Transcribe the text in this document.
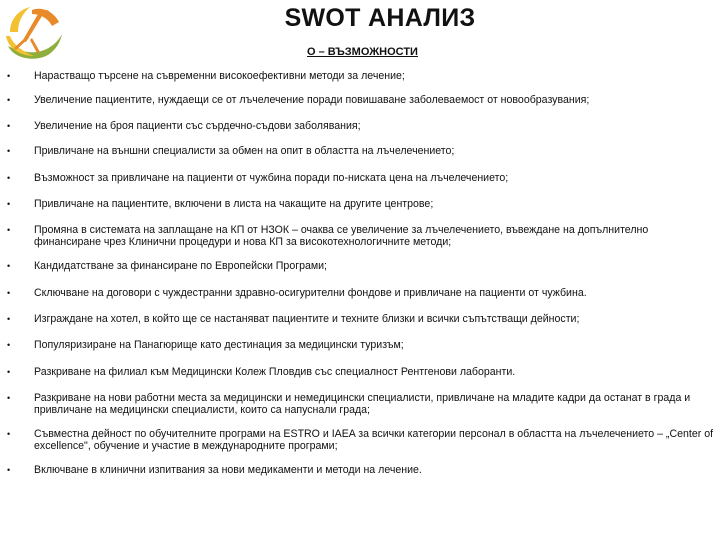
SWOT АНАЛИЗ
O – ВЪЗМОЖНОСТИ
• Нарастващо търсене на съвременни високоефективни методи за лечение;
• Увеличение пациентите, нуждаещи се от лъчелечение поради повишаване заболеваемост от новообразувания;
• Увеличение на броя пациенти със сърдечно-съдови заболявания;
• Привличане на външни специалисти за обмен на опит в областта на лъчелечението;
• Възможност за привличане на пациенти от чужбина поради по-ниската цена на лъчелечението;
• Привличане на пациентите, включени в листа на чакащите на другите центрове;
• Промяна в системата на заплащане на КП от НЗОК – очаква се увеличение за лъчелечението, въвеждане на допълнително финансиране чрез Клинични процедури и нова КП за високотехнологичните методи;
• Кандидатстване за финансиране по Европейски Програми;
• Сключване на договори с чуждестранни здравно-осигурителни фондове и привличане на пациенти от чужбина.
• Изграждане на хотел, в който ще се настаняват пациентите и техните близки и всички съпътстващи дейности;
• Популяризиране на Панагюрище като дестинация за медицински туризъм;
• Разкриване на филиал към Медицински Колеж Пловдив със специалност Рентгенови лаборанти.
• Разкриване на нови работни места за медицински и немедицински специалисти, привличане на младите кадри да останат в града и привличане на медицински специалисти, които са напуснали града;
• Съвместна дейност по обучителните програми на ESTRO и IAEA за всички категории персонал в областта на лъчелечението – „Center of excellence", обучение и участие в международните програми;
• Включване в клинични изпитвания за нови медикаменти и методи на лечение.
